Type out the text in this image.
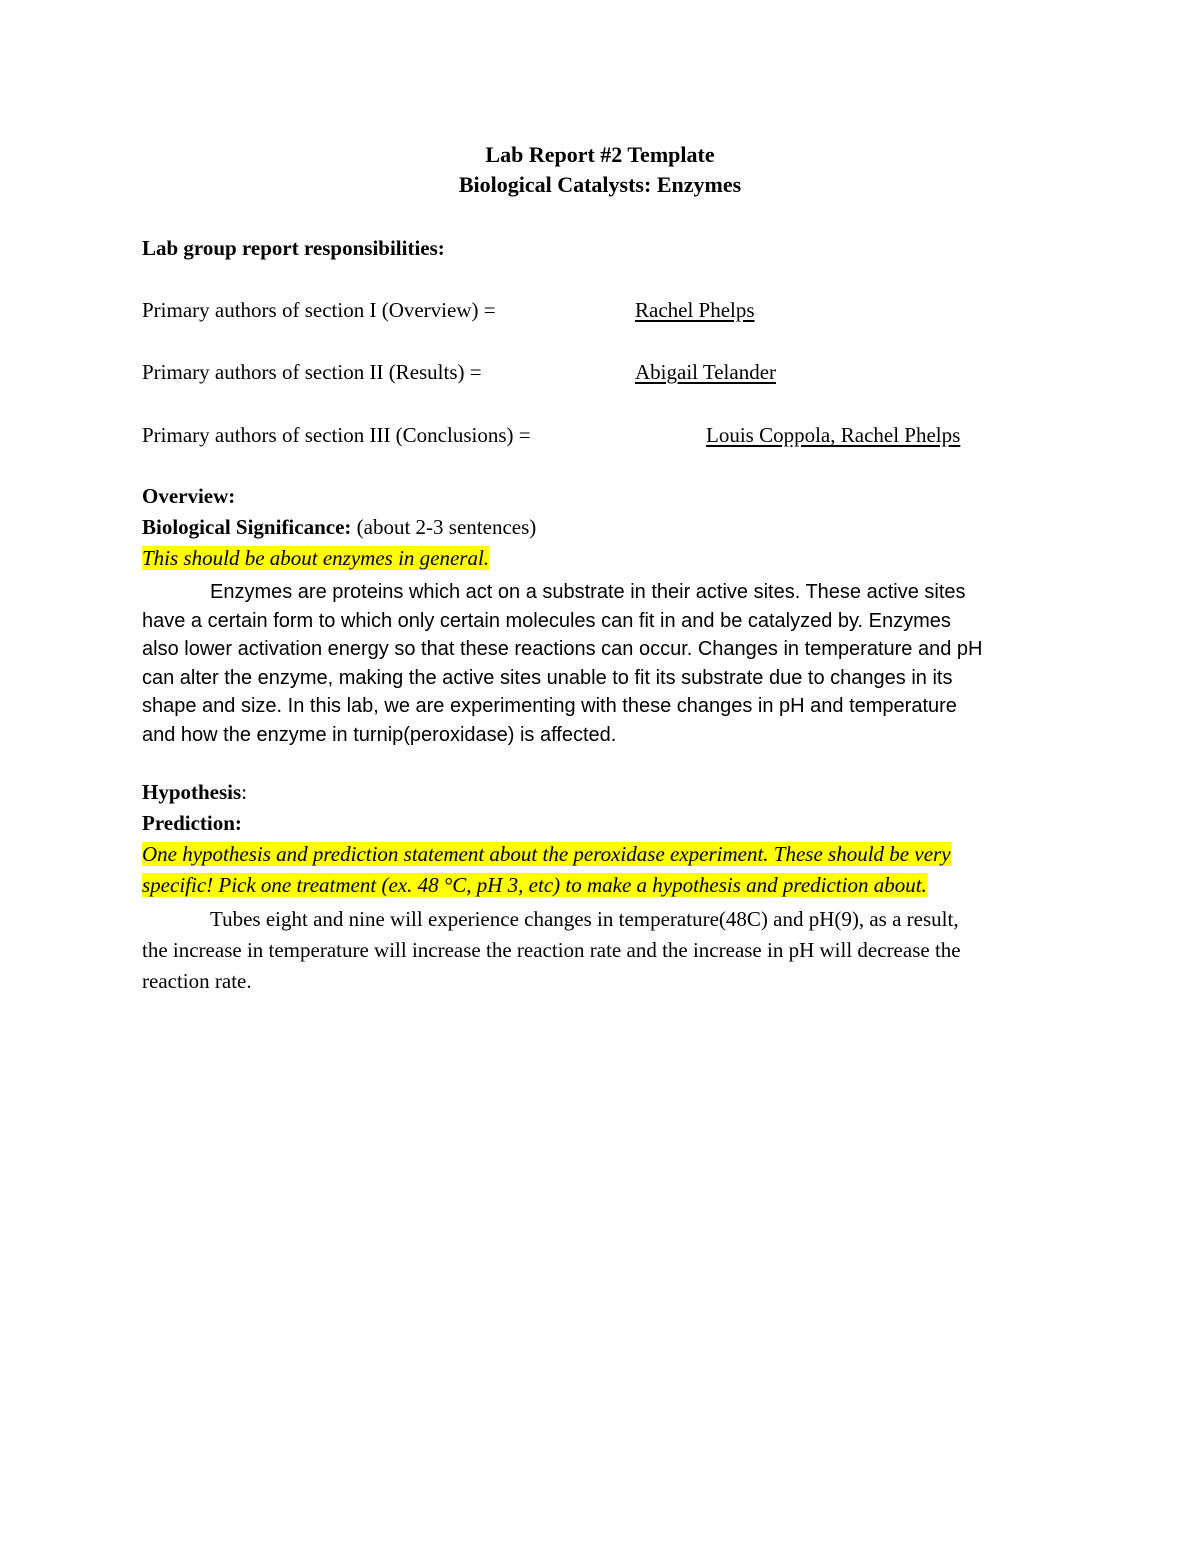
Lab Report #2 Template
Biological Catalysts: Enzymes
Lab group report responsibilities:
Primary authors of section I (Overview) =	Rachel Phelps
Primary authors of section II (Results) =	Abigail Telander
Primary authors of section III (Conclusions) =	Louis Coppola, Rachel Phelps
Overview:
Biological Significance: (about 2-3 sentences)
This should be about enzymes in general.

Enzymes are proteins which act on a substrate in their active sites. These active sites

have a certain form to which only certain molecules can fit in and be catalyzed by. Enzymes

also lower activation energy so that these reactions can occur. Changes in temperature and pH

can alter the enzyme, making the active sites unable to fit its substrate due to changes in its

shape and size. In this lab, we are experimenting with these changes in pH and temperature

and how the enzyme in turnip(peroxidase) is affected.

Hypothesis:
Prediction:
One hypothesis and prediction statement about the peroxidase experiment. These should be very
specific! Pick one treatment (ex. 48 °C, pH 3, etc) to make a hypothesis and prediction about.

Tubes eight and nine will experience changes in temperature(48C) and pH(9), as a result,

the increase in temperature will increase the reaction rate and the increase in pH will decrease the

reaction rate.
